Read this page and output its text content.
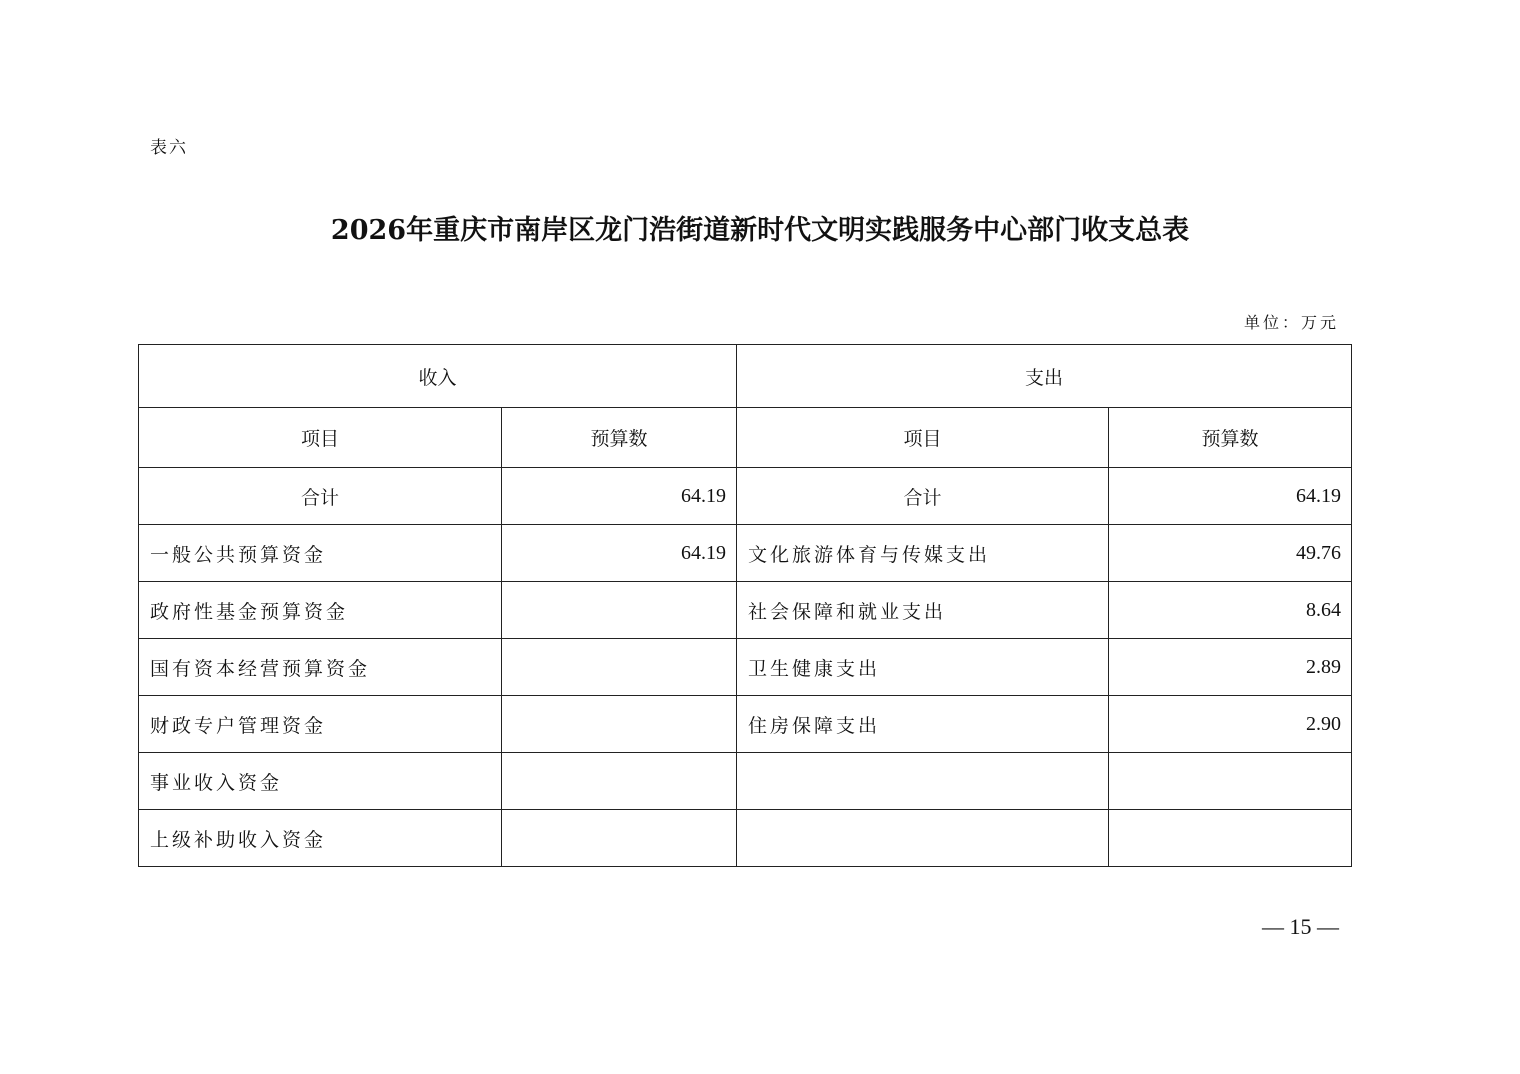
表六
2026年重庆市南岸区龙门浩街道新时代文明实践服务中心部门收支总表
单位：万元
收入		支出	
项目	预算数	项目	预算数
合计	64.19	合计	64.19
一般公共预算资金	64.19	文化旅游体育与传媒支出	49.76
政府性基金预算资金		社会保障和就业支出	8.64
国有资本经营预算资金		卫生健康支出	2.89
财政专户管理资金		住房保障支出	2.90
事业收入资金			
上级补助收入资金			
— 15 —
